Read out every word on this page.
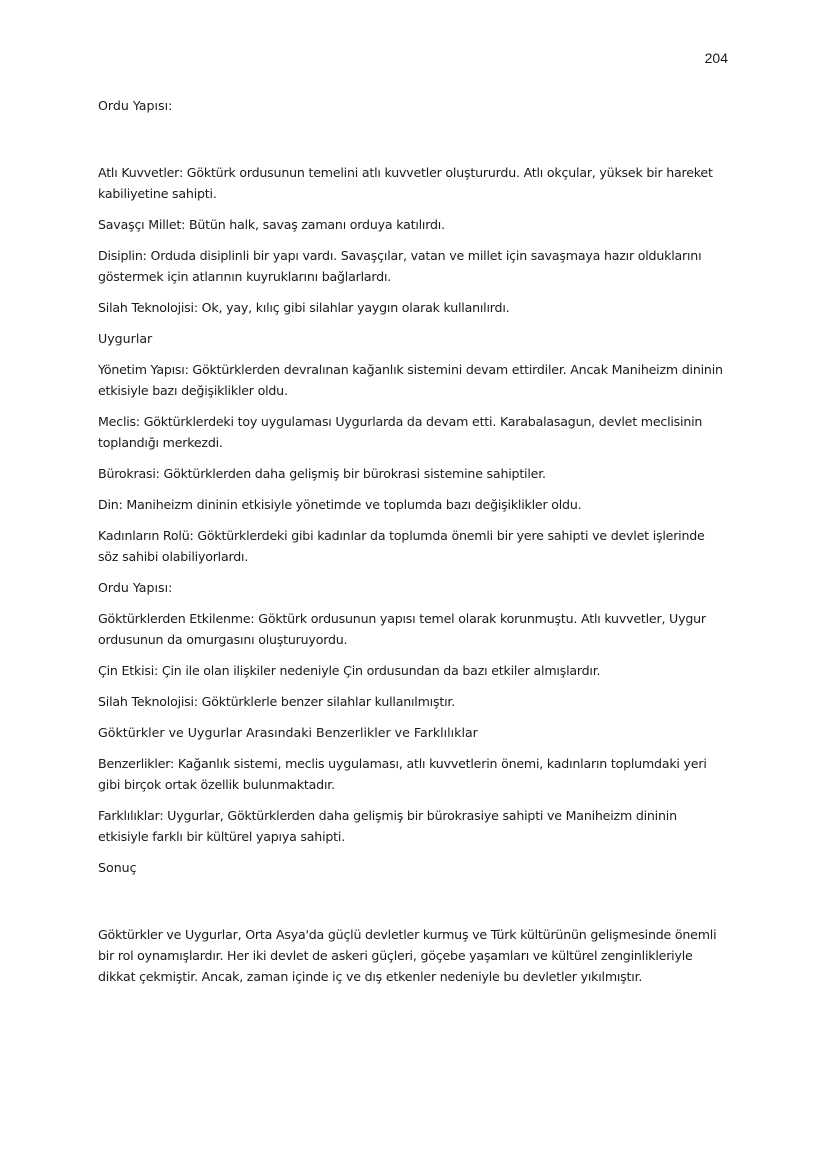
204

Ordu Yapısı:

Atlı Kuvvetler: Göktürk ordusunun temelini atlı kuvvetler oluştururdu. Atlı okçular, yüksek bir hareket kabiliyetine sahipti.

Savaşçı Millet: Bütün halk, savaş zamanı orduya katılırdı.

Disiplin: Orduda disiplinli bir yapı vardı. Savaşçılar, vatan ve millet için savaşmaya hazır olduklarını göstermek için atlarının kuyruklarını bağlarlardı.

Silah Teknolojisi: Ok, yay, kılıç gibi silahlar yaygın olarak kullanılırdı.

Uygurlar

Yönetim Yapısı: Göktürklerden devralınan kağanlık sistemini devam ettirdiler. Ancak Maniheizm dininin etkisiyle bazı değişiklikler oldu.

Meclis: Göktürklerdeki toy uygulaması Uygurlarda da devam etti. Karabalasagun, devlet meclisinin toplandığı merkezdi.

Bürokrasi: Göktürklerden daha gelişmiş bir bürokrasi sistemine sahiptiler.

Din: Maniheizm dininin etkisiyle yönetimde ve toplumda bazı değişiklikler oldu.

Kadınların Rolü: Göktürklerdeki gibi kadınlar da toplumda önemli bir yere sahipti ve devlet işlerinde söz sahibi olabiliyorlardı.

Ordu Yapısı:

Göktürklerden Etkilenme: Göktürk ordusunun yapısı temel olarak korunmuştu. Atlı kuvvetler, Uygur ordusunun da omurgasını oluşturuyordu.

Çin Etkisi: Çin ile olan ilişkiler nedeniyle Çin ordusundan da bazı etkiler almışlardır.

Silah Teknolojisi: Göktürklerle benzer silahlar kullanılmıştır.

Göktürkler ve Uygurlar Arasındaki Benzerlikler ve Farklılıklar

Benzerlikler: Kağanlık sistemi, meclis uygulaması, atlı kuvvetlerin önemi, kadınların toplumdaki yeri gibi birçok ortak özellik bulunmaktadır.

Farklılıklar: Uygurlar, Göktürklerden daha gelişmiş bir bürokrasiye sahipti ve Maniheizm dininin etkisiyle farklı bir kültürel yapıya sahipti.

Sonuç

Göktürkler ve Uygurlar, Orta Asya'da güçlü devletler kurmuş ve Türk kültürünün gelişmesinde önemli bir rol oynamışlardır. Her iki devlet de askeri güçleri, göçebe yaşamları ve kültürel zenginlikleriyle dikkat çekmiştir. Ancak, zaman içinde iç ve dış etkenler nedeniyle bu devletler yıkılmıştır.
